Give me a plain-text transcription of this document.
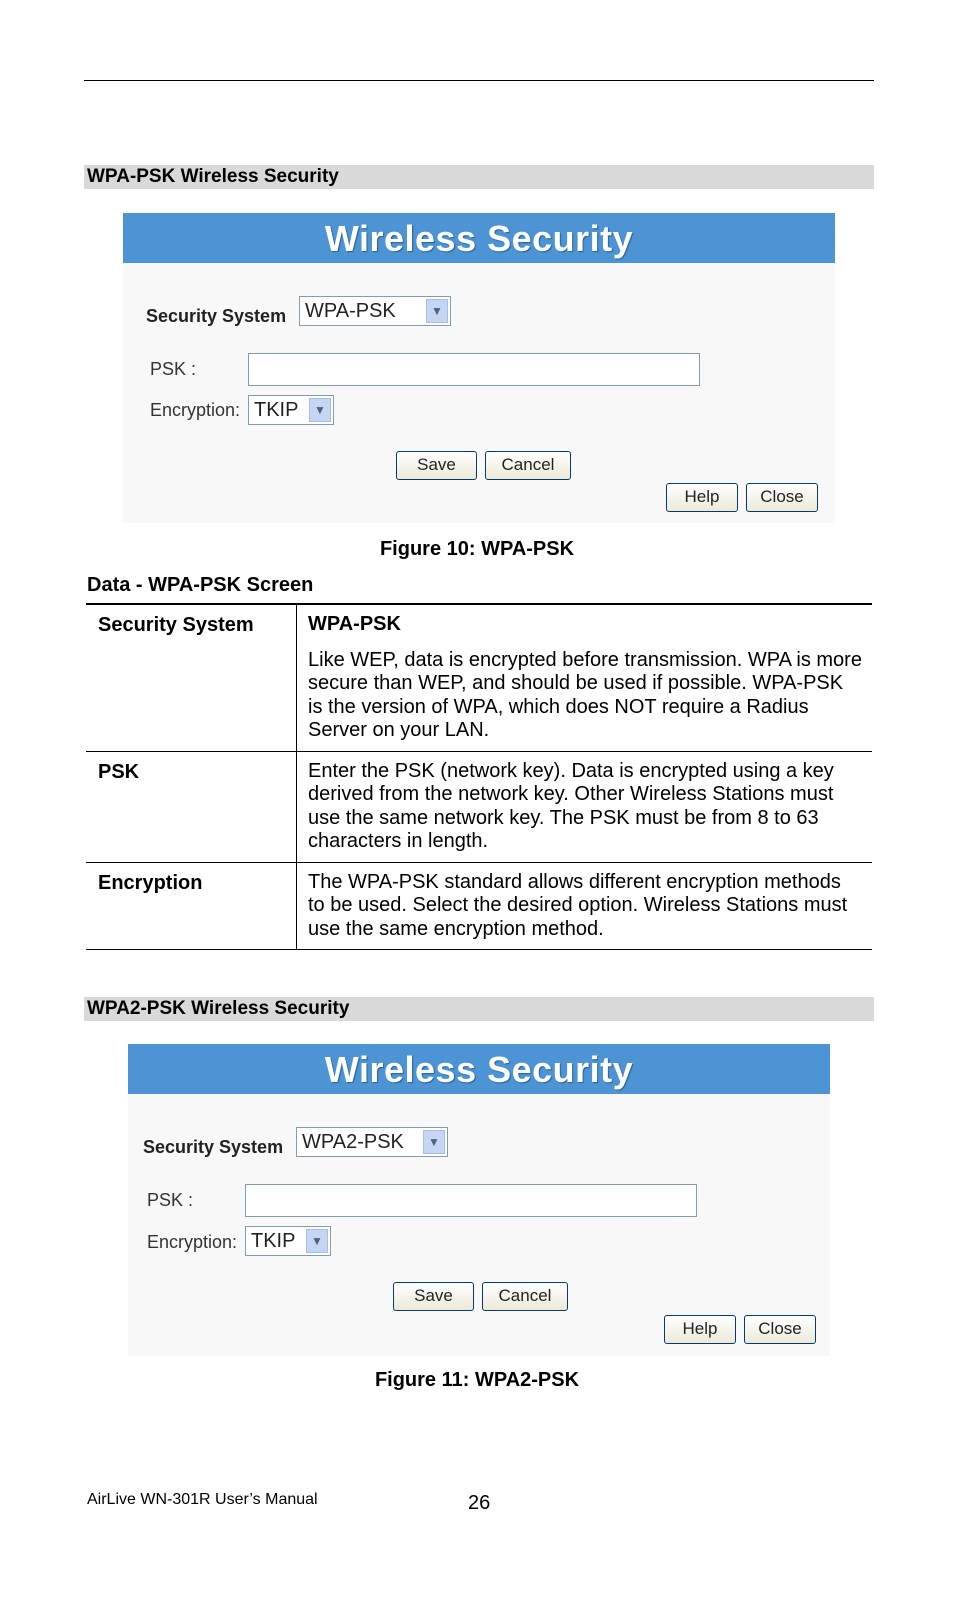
WPA-PSK Wireless Security
Wireless Security
Security System WPA-PSK	▼
PSK :
Encryption: TKIP	▼
Save	Cancel
Help	Close
Figure 10: WPA-PSK
Data - WPA-PSK Screen
Security System	WPA-PSK
Like WEP, data is encrypted before transmission. WPA is more secure than WEP, and should be used if possible. WPA-PSK is the version of WPA, which does NOT require a Radius Server on your LAN.

PSK	Enter the PSK (network key). Data is encrypted using a key derived from the network key. Other Wireless Stations must use the same network key. The PSK must be from 8 to 63 characters in length.
Encryption	The WPA-PSK standard allows different encryption methods to be used. Select the desired option. Wireless Stations must use the same encryption method.
WPA2-PSK Wireless Security
Wireless Security
Security System WPA2-PSK	▼
PSK :
Encryption: TKIP	▼
Save	Cancel
Help	Close
Figure 11: WPA2-PSK
AirLive WN-301R User’s Manual	26
